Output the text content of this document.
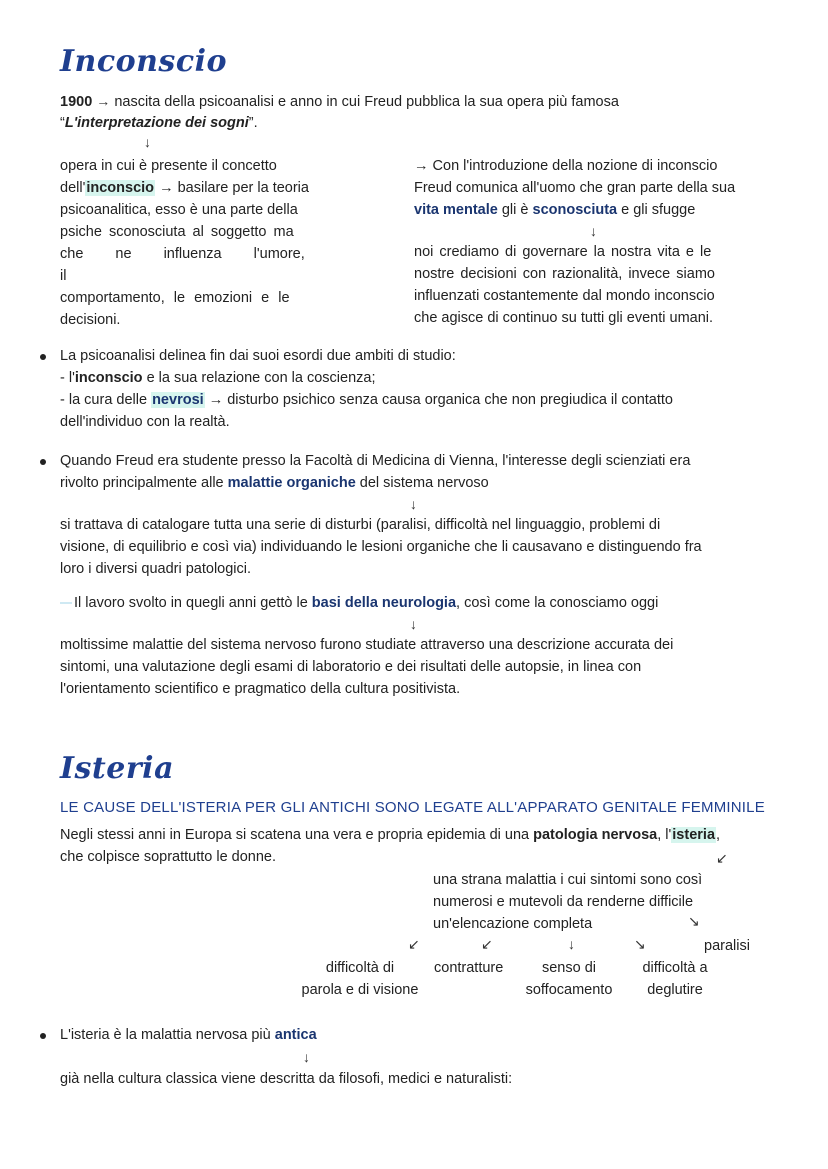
Inconscio
1900 → nascita della psicoanalisi e anno in cui Freud pubblica la sua opera più famosa
“L'interpretazione dei sogni”.
↓
opera in cui è presente il concetto
dell'inconscio → basilare per la teoria
psicoanalitica, esso è una parte della
psiche sconosciuta al soggetto ma
che ne influenza l'umore, il
comportamento, le emozioni e le
decisioni.
→ Con l'introduzione della nozione di inconscio
Freud comunica all'uomo che gran parte della sua
vita mentale gli è sconosciuta e gli sfugge
↓
noi crediamo di governare la nostra vita e le
nostre decisioni con razionalità, invece siamo
influenzati costantemente dal mondo inconscio
che agisce di continuo su tutti gli eventi umani.
La psicoanalisi delinea fin dai suoi esordi due ambiti di studio:
- l'inconscio e la sua relazione con la coscienza;
- la cura delle nevrosi → disturbo psichico senza causa organica che non pregiudica il contatto
dell'individuo con la realtà.
Quando Freud era studente presso la Facoltà di Medicina di Vienna, l'interesse degli scienziati era
rivolto principalmente alle malattie organiche del sistema nervoso
↓
si trattava di catalogare tutta una serie di disturbi (paralisi, difficoltà nel linguaggio, problemi di
visione, di equilibrio e così via) individuando le lesioni organiche che li causavano e distinguendo fra
loro i diversi quadri patologici.
Il lavoro svolto in quegli anni gettò le basi della neurologia, così come la conosciamo oggi
↓
moltissime malattie del sistema nervoso furono studiate attraverso una descrizione accurata dei
sintomi, una valutazione degli esami di laboratorio e dei risultati delle autopsie, in linea con
l'orientamento scientifico e pragmatico della cultura positivista.
Isteria
LE CAUSE DELL'ISTERIA PER GLI ANTICHI SONO LEGATE ALL'APPARATO GENITALE FEMMINILE
Negli stessi anni in Europa si scatena una vera e propria epidemia di una patologia nervosa, l'isteria,
che colpisce soprattutto le donne.	↙
una strana malattia i cui sintomi sono così
numerosi e mutevoli da renderne difficile
un'elencazione completa	↘
↙	↙	↓	↘	paralisi
difficoltà di
parola e di visione
contratture	senso di
soffocamento
difficoltà a
deglutire
L'isteria è la malattia nervosa più antica
↓
già nella cultura classica viene descritta da filosofi, medici e naturalisti:
